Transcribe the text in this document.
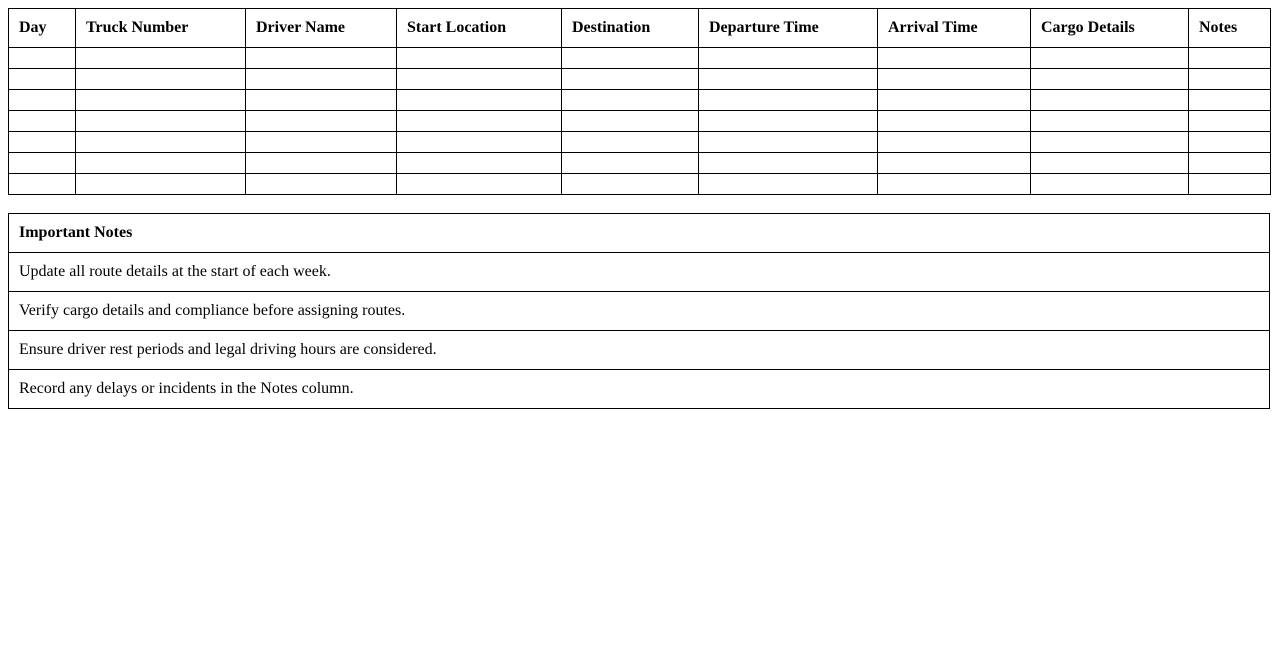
Day	Truck Number	Driver Name	Start Location	Destination	Departure Time	Arrival Time	Cargo Details	Notes

Important Notes
Update all route details at the start of each week.
Verify cargo details and compliance before assigning routes.
Ensure driver rest periods and legal driving hours are considered.
Record any delays or incidents in the Notes column.
